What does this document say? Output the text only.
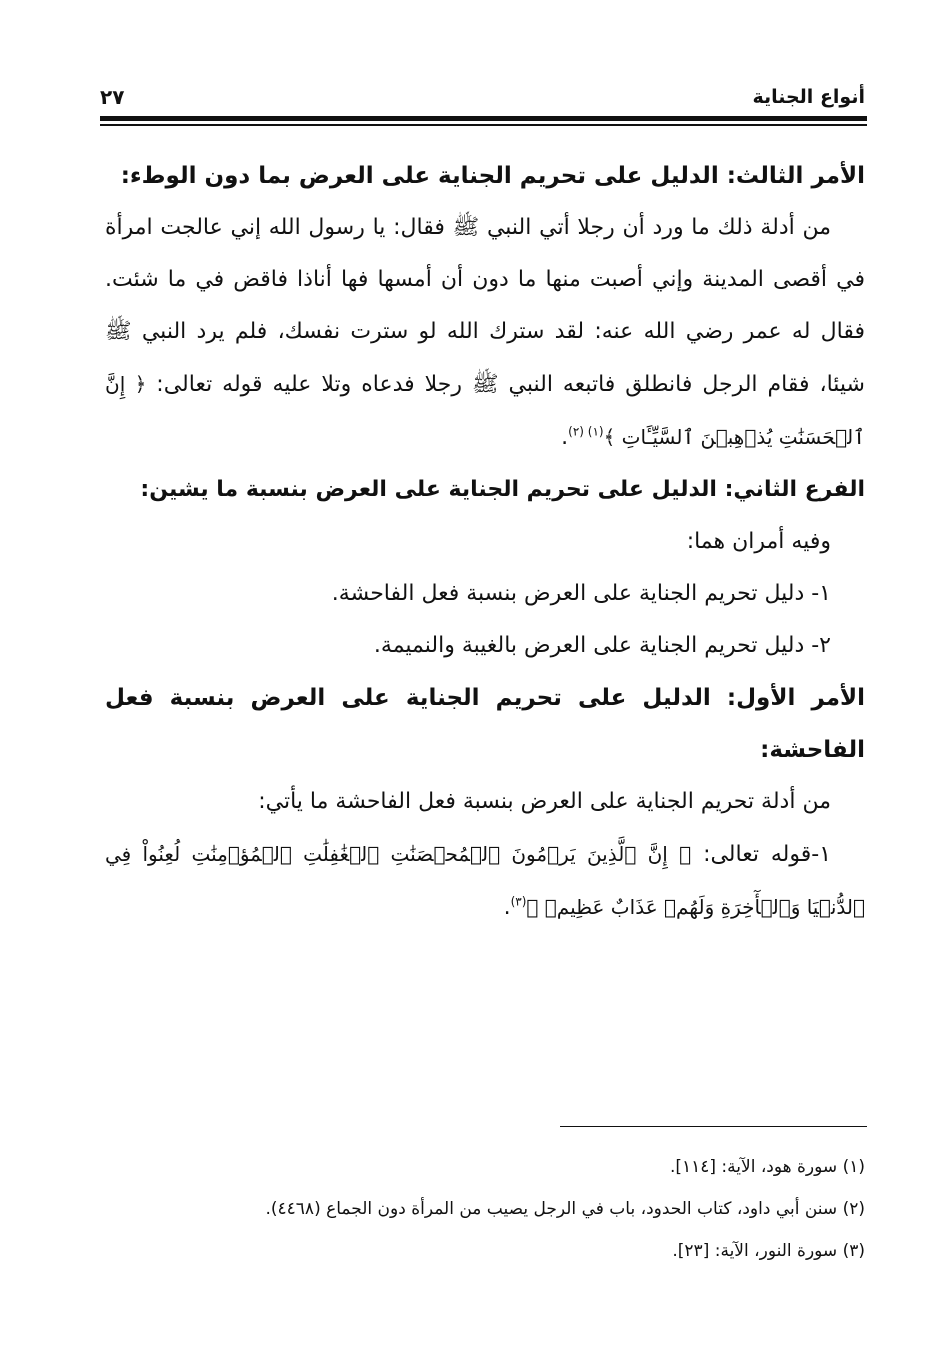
أنواع الجناية
٢٧

الأمر الثالث: الدليل على تحريم الجناية على العرض بما دون الوطء:

من أدلة ذلك ما ورد أن رجلا أتي النبي ﷺ فقال: يا رسول الله إني عالجت امرأة في أقصى المدينة وإني أصبت منها ما دون أن أمسها فها أناذا فاقض في ما شئت. فقال له عمر رضي الله عنه: لقد سترك الله لو سترت نفسك، فلم يرد النبي ﷺ شيئا، فقام الرجل فانطلق فاتبعه النبي ﷺ رجلا فدعاه وتلا عليه قوله تعالى: ﴿ إِنَّ ٱلۡحَسَنَٰتِ يُذۡهِبۡنَ ٱلسَّيِّـَٔاتِ ﴾$^{(١) (٢)}$.

الفرع الثاني: الدليل على تحريم الجناية على العرض بنسبة ما يشين:

وفيه أمران هما:

١- دليل تحريم الجناية على العرض بنسبة فعل الفاحشة.

٢- دليل تحريم الجناية على العرض بالغيبة والنميمة.

الأمر الأول: الدليل على تحريم الجناية على العرض بنسبة فعل الفاحشة:

من أدلة تحريم الجناية على العرض بنسبة فعل الفاحشة ما يأتي:

١-قوله تعالى: ﴿ إِنَّ ٱلَّذِينَ يَرۡمُونَ ٱلۡمُحۡصَنَٰتِ ٱلۡغَٰفِلَٰتِ ٱلۡمُؤۡمِنَٰتِ لُعِنُواْ فِي ٱلدُّنۡيَا وَٱلۡأٓخِرَةِ وَلَهُمۡ عَذَابٌ عَظِيمٞ ﴾$^{(٣)}$.

(١) سورة هود، الآية: [١١٤].

(٢) سنن أبي داود، كتاب الحدود، باب في الرجل يصيب من المرأة دون الجماع (٤٤٦٨).

(٣) سورة النور، الآية: [٢٣].
